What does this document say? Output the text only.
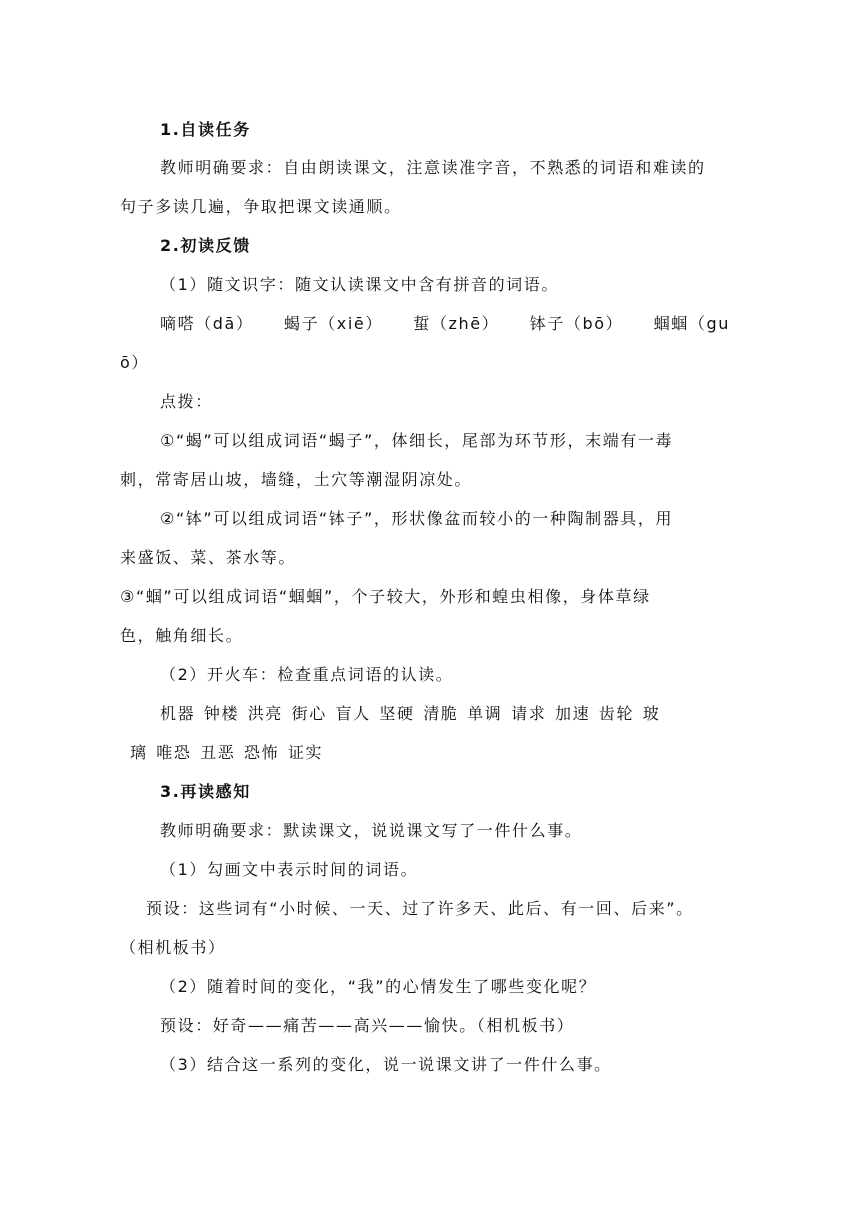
1.自读任务
教师明确要求：自由朗读课文，注意读准字音，不熟悉的词语和难读的
句子多读几遍，争取把课文读通顺。
2.初读反馈
（1）随文识字：随文认读课文中含有拼音的词语。
嘀嗒（dā） 蝎子（xiē） 蜇（zhē） 钵子（bō） 蝈蝈（gu
ō）
点拨：
①“蝎”可以组成词语“蝎子”，体细长，尾部为环节形，末端有一毒
刺，常寄居山坡，墙缝，土穴等潮湿阴凉处。
②“钵”可以组成词语“钵子”，形状像盆而较小的一种陶制器具，用
来盛饭、菜、茶水等。
③“蝈”可以组成词语“蝈蝈”，个子较大，外形和蝗虫相像，身体草绿
色，触角细长。
（2）开火车：检查重点词语的认读。
机器 钟楼 洪亮 街心 盲人 坚硬 清脆 单调 请求 加速 齿轮 玻
璃 唯恐 丑恶 恐怖 证实
3.再读感知
教师明确要求：默读课文，说说课文写了一件什么事。
（1）勾画文中表示时间的词语。
预设：这些词有“小时候、一天、过了许多天、此后、有一回、后来”。
（相机板书）
（2）随着时间的变化，“我”的心情发生了哪些变化呢？
预设：好奇——痛苦——高兴——愉快。（相机板书）
（3）结合这一系列的变化，说一说课文讲了一件什么事。
